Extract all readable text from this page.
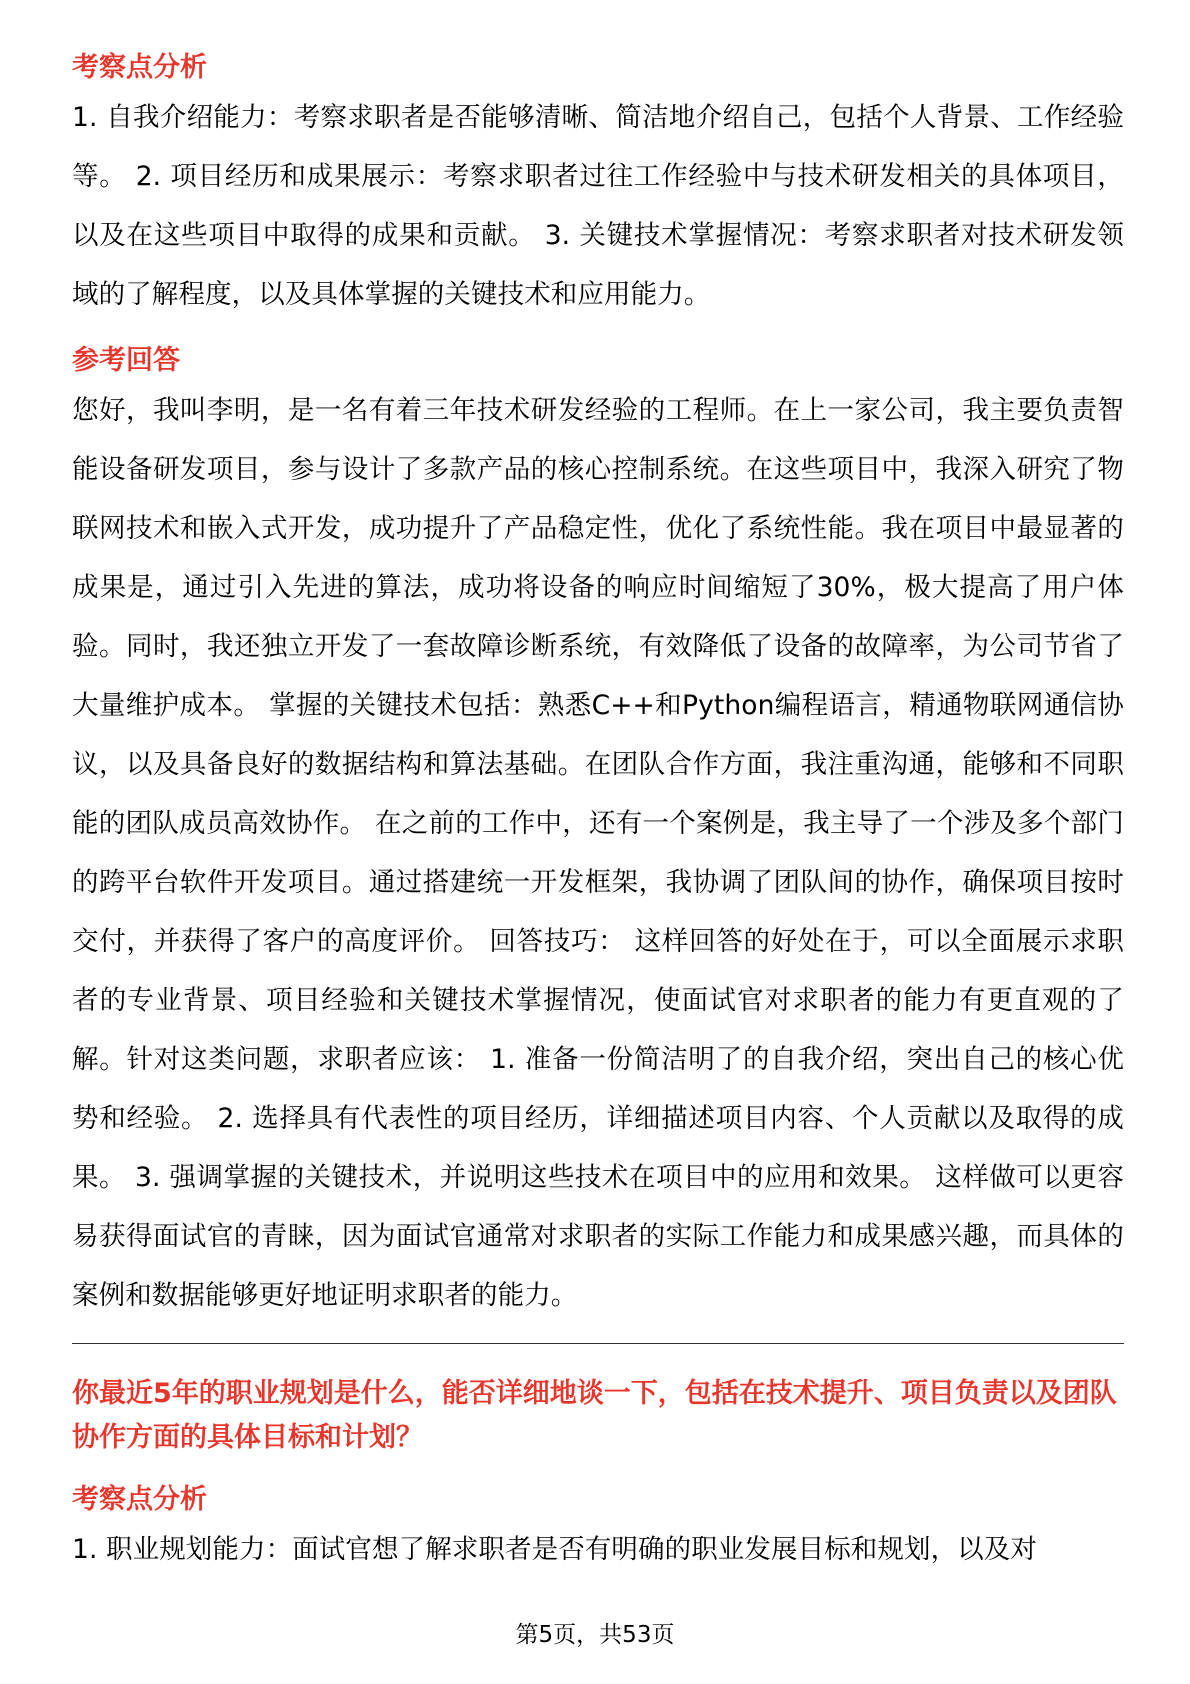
考察点分析

1. 自我介绍能力：考察求职者是否能够清晰、简洁地介绍自己，包括个人背景、工作经验等。 2. 项目经历和成果展示：考察求职者过往工作经验中与技术研发相关的具体项目，以及在这些项目中取得的成果和贡献。 3. 关键技术掌握情况：考察求职者对技术研发领域的了解程度，以及具体掌握的关键技术和应用能力。

参考回答

您好，我叫李明，是一名有着三年技术研发经验的工程师。在上一家公司，我主要负责智能设备研发项目，参与设计了多款产品的核心控制系统。在这些项目中，我深入研究了物联网技术和嵌入式开发，成功提升了产品稳定性，优化了系统性能。我在项目中最显著的成果是，通过引入先进的算法，成功将设备的响应时间缩短了30%，极大提高了用户体验。同时，我还独立开发了一套故障诊断系统，有效降低了设备的故障率，为公司节省了大量维护成本。 掌握的关键技术包括：熟悉C++和Python编程语言，精通物联网通信协议，以及具备良好的数据结构和算法基础。在团队合作方面，我注重沟通，能够和不同职能的团队成员高效协作。 在之前的工作中，还有一个案例是，我主导了一个涉及多个部门的跨平台软件开发项目。通过搭建统一开发框架，我协调了团队间的协作，确保项目按时交付，并获得了客户的高度评价。 回答技巧： 这样回答的好处在于，可以全面展示求职者的专业背景、项目经验和关键技术掌握情况，使面试官对求职者的能力有更直观的了解。针对这类问题，求职者应该： 1. 准备一份简洁明了的自我介绍，突出自己的核心优势和经验。 2. 选择具有代表性的项目经历，详细描述项目内容、个人贡献以及取得的成果。 3. 强调掌握的关键技术，并说明这些技术在项目中的应用和效果。 这样做可以更容易获得面试官的青睐，因为面试官通常对求职者的实际工作能力和成果感兴趣，而具体的案例和数据能够更好地证明求职者的能力。

你最近5年的职业规划是什么，能否详细地谈一下，包括在技术提升、项目负责以及团队协作方面的具体目标和计划？
考察点分析

1. 职业规划能力：面试官想了解求职者是否有明确的职业发展目标和规划，以及对

第5页，共53页
